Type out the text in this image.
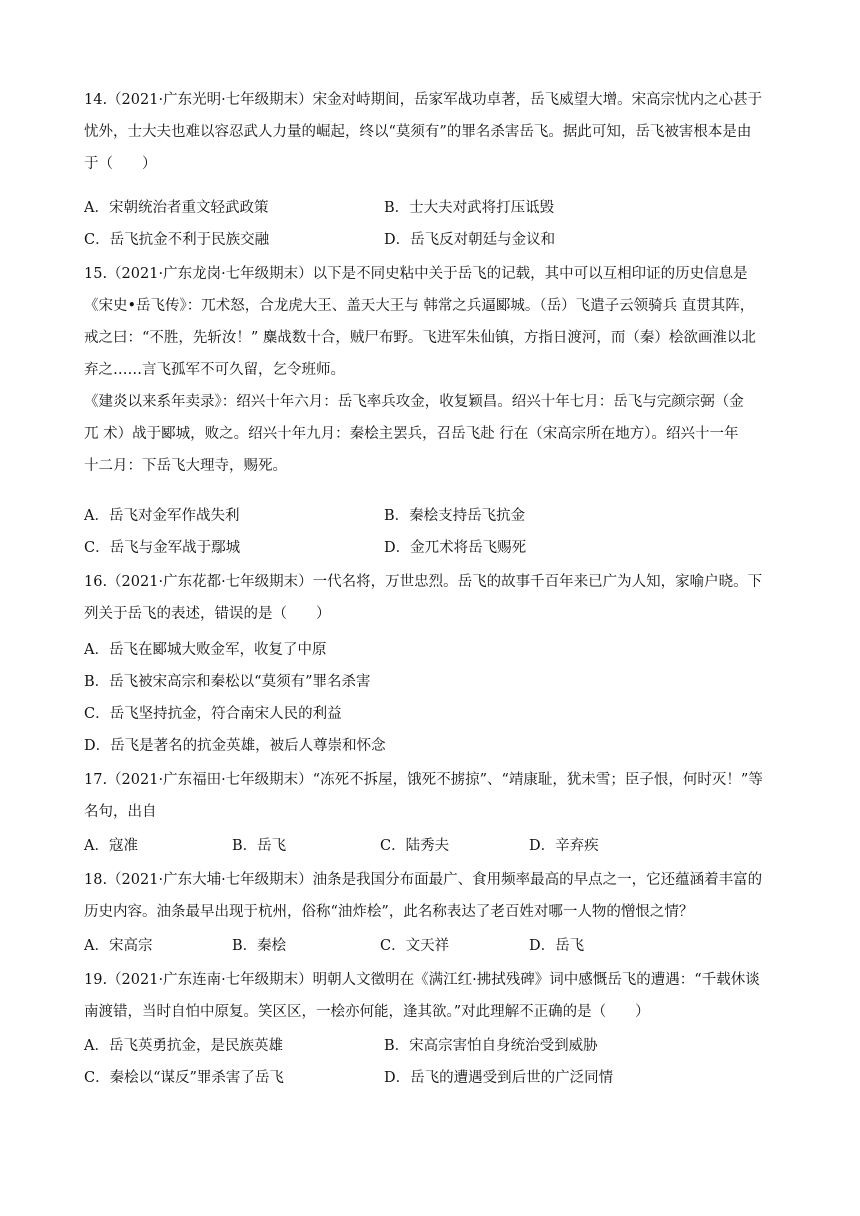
14.（2021·广东光明·七年级期末）宋金对峙期间，岳家军战功卓著，岳飞威望大增。宋高宗忧内之心甚于
忧外，士大夫也难以容忍武人力量的崛起，终以“莫须有”的罪名杀害岳飞。据此可知，岳飞被害根本是由
于（　　）
A．宋朝统治者重文轻武政策	B．士大夫对武将打压诋毁
C．岳飞抗金不利于民族交融	D．岳飞反对朝廷与金议和
15.（2021·广东龙岗·七年级期末）以下是不同史粘中关于岳飞的记载，其中可以互相印证的历史信息是
《宋史•岳飞传》：兀术怒，合龙虎大王、盖天大王与 韩常之兵逼郾城。（岳）飞遣子云领骑兵 直贯其阵，
戒之曰：“不胜，先斩汝！” 麋战数十合，贼尸布野。飞进军朱仙镇，方指日渡河，而（秦）桧欲画淮以北
弃之……言飞孤军不可久留，乞令班师。
《建炎以来系年卖录》：绍兴十年六月：岳飞率兵攻金，收复颖昌。绍兴十年七月：岳飞与完颜宗弼（金
兀 术）战于郾城，败之。绍兴十年九月：秦桧主罢兵，召岳飞赴 行在（宋高宗所在地方）。绍兴十一年
十二月：下岳飞大理寺，赐死。
A．岳飞对金军作战失利	B．秦桧支持岳飞抗金
C．岳飞与金军战于鄢城	D．金兀术将岳飞赐死
16.（2021·广东花都·七年级期末）一代名将，万世忠烈。岳飞的故事千百年来已广为人知，家喻户晓。下
列关于岳飞的表述，错误的是（　　）
A．岳飞在郾城大败金军，收复了中原
B．岳飞被宋高宗和秦松以“莫须有”罪名杀害
C．岳飞坚持抗金，符合南宋人民的利益
D．岳飞是著名的抗金英雄，被后人尊崇和怀念
17.（2021·广东福田·七年级期末）“冻死不拆屋，饿死不掳掠”、“靖康耻，犹未雪；臣子恨，何时灭！”等
名句，出自
A．寇准	B．岳飞	C．陆秀夫	D．辛弃疾
18.（2021·广东大埔·七年级期末）油条是我国分布面最广、食用频率最高的早点之一，它还蕴涵着丰富的
历史内容。油条最早出现于杭州，俗称“油炸桧”，此名称表达了老百姓对哪一人物的憎恨之情？
A．宋高宗	B．秦桧	C．文天祥	D．岳飞
19.（2021·广东连南·七年级期末）明朝人文徵明在《满江红·拂拭残碑》词中感慨岳飞的遭遇：“千载休谈
南渡错，当时自怕中原复。笑区区，一桧亦何能，逢其欲。”对此理解不正确的是（　　）
A．岳飞英勇抗金，是民族英雄	B．宋高宗害怕自身统治受到威胁
C．秦桧以“谋反”罪杀害了岳飞	D．岳飞的遭遇受到后世的广泛同情
